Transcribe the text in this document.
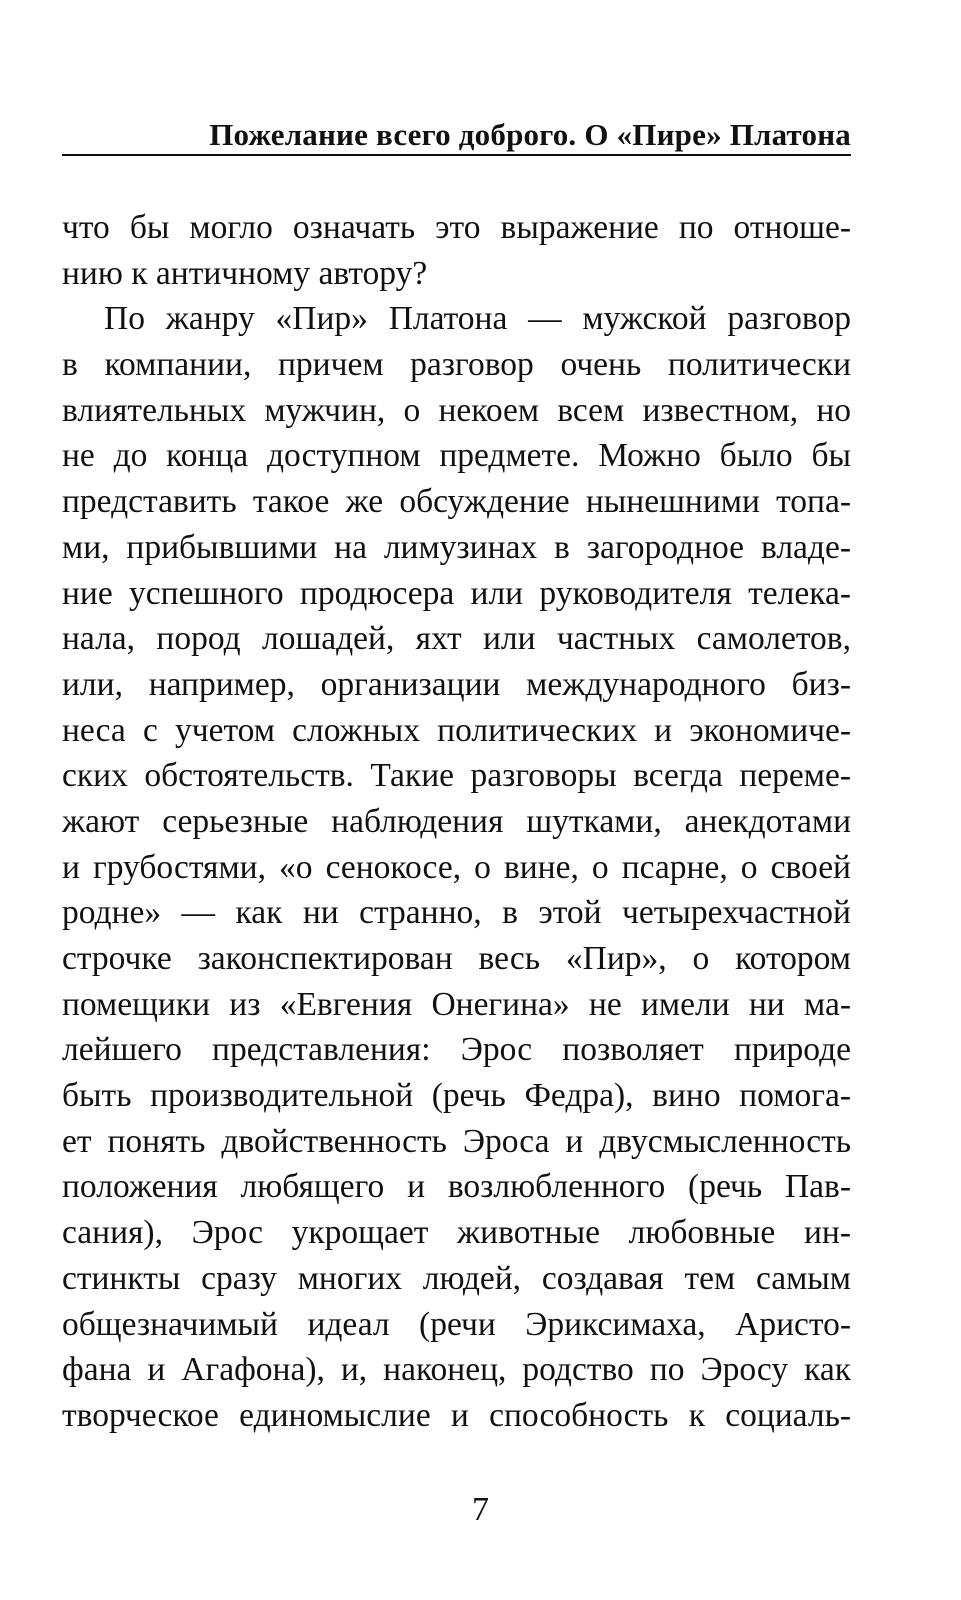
Пожелание всего доброго. О «Пире» Платона
что бы могло означать это выражение по отноше-
нию к античному автору?
По жанру «Пир» Платона — мужской разговор
в компании, причем разговор очень политически
влиятельных мужчин, о некоем всем известном, но
не до конца доступном предмете. Можно было бы
представить такое же обсуждение нынешними топа-
ми, прибывшими на лимузинах в загородное владе-
ние успешного продюсера или руководителя телека-
нала, пород лошадей, яхт или частных самолетов,
или, например, организации международного биз-
неса с учетом сложных политических и экономиче-
ских обстоятельств. Такие разговоры всегда переме-
жают серьезные наблюдения шутками, анекдотами
и грубостями, «о сенокосе, о вине, о псарне, о своей
родне» — как ни странно, в этой четырехчастной
строчке законспектирован весь «Пир», о котором
помещики из «Евгения Онегина» не имели ни ма-
лейшего представления: Эрос позволяет природе
быть производительной (речь Федра), вино помога-
ет понять двойственность Эроса и двусмысленность
положения любящего и возлюбленного (речь Пав-
сания), Эрос укрощает животные любовные ин-
стинкты сразу многих людей, создавая тем самым
общезначимый идеал (речи Эриксимаха, Аристо-
фана и Агафона), и, наконец, родство по Эросу как
творческое единомыслие и способность к социаль-
7
